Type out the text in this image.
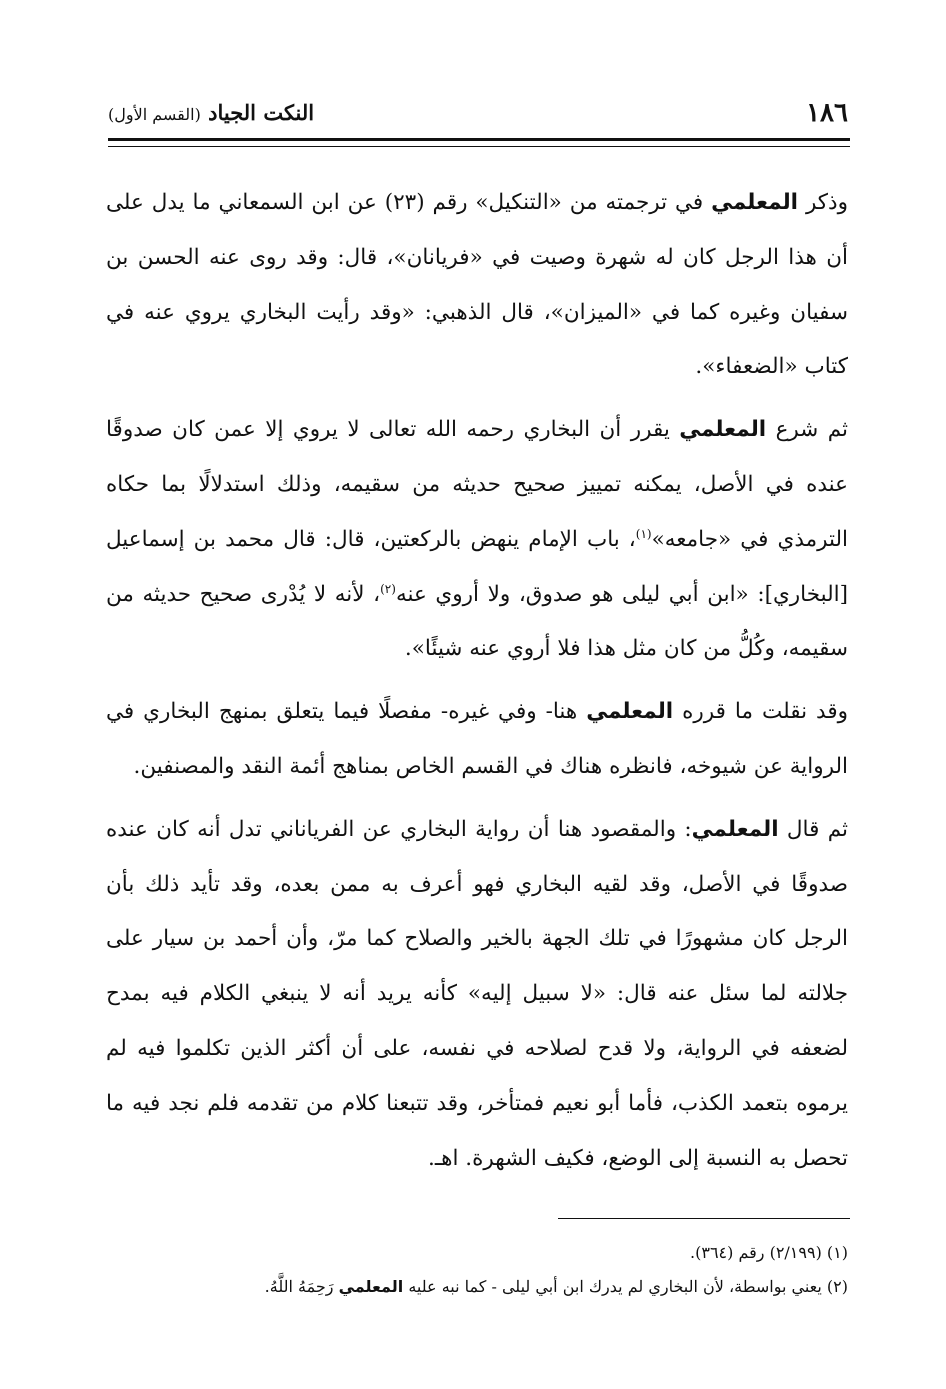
١٨٦
النكت الجياد (القسم الأول)

وذكر المعلمي في ترجمته من «التنكيل» رقم (٢٣) عن ابن السمعاني ما يدل على أن هذا الرجل كان له شهرة وصيت في «فريانان»، قال: وقد روى عنه الحسن بن سفيان وغيره كما في «الميزان»، قال الذهبي: «وقد رأيت البخاري يروي عنه في كتاب «الضعفاء».

ثم شرع المعلمي يقرر أن البخاري رحمه الله تعالى لا يروي إلا عمن كان صدوقًا عنده في الأصل، يمكنه تمييز صحيح حديثه من سقيمه، وذلك استدلالًا بما حكاه الترمذي في «جامعه»$^{(١)}$، باب الإمام ينهض بالركعتين، قال: قال محمد بن إسماعيل [البخاري]: «ابن أبي ليلى هو صدوق، ولا أروي عنه$^{(٢)}$، لأنه لا يُدْرى صحيح حديثه من سقيمه، وكُلُّ من كان مثل هذا فلا أروي عنه شيئًا».

وقد نقلت ما قرره المعلمي هنا- وفي غيره- مفصلًا فيما يتعلق بمنهج البخاري في الرواية عن شيوخه، فانظره هناك في القسم الخاص بمناهج أئمة النقد والمصنفين.

ثم قال المعلمي: والمقصود هنا أن رواية البخاري عن الفرياناني تدل أنه كان عنده صدوقًا في الأصل، وقد لقيه البخاري فهو أعرف به ممن بعده، وقد تأيد ذلك بأن الرجل كان مشهورًا في تلك الجهة بالخير والصلاح كما مرّ، وأن أحمد بن سيار على جلالته لما سئل عنه قال: «لا سبيل إليه» كأنه يريد أنه لا ينبغي الكلام فيه بمدح لضعفه في الرواية، ولا قدح لصلاحه في نفسه، على أن أكثر الذين تكلموا فيه لم يرموه بتعمد الكذب، فأما أبو نعيم فمتأخر، وقد تتبعنا كلام من تقدمه فلم نجد فيه ما تحصل به النسبة إلى الوضع، فكيف الشهرة. اهـ.

(١) (٢/١٩٩) رقم (٣٦٤).
(٢) يعني بواسطة، لأن البخاري لم يدرك ابن أبي ليلى - كما نبه عليه المعلمي رَحِمَهُ اللَّهُ.
